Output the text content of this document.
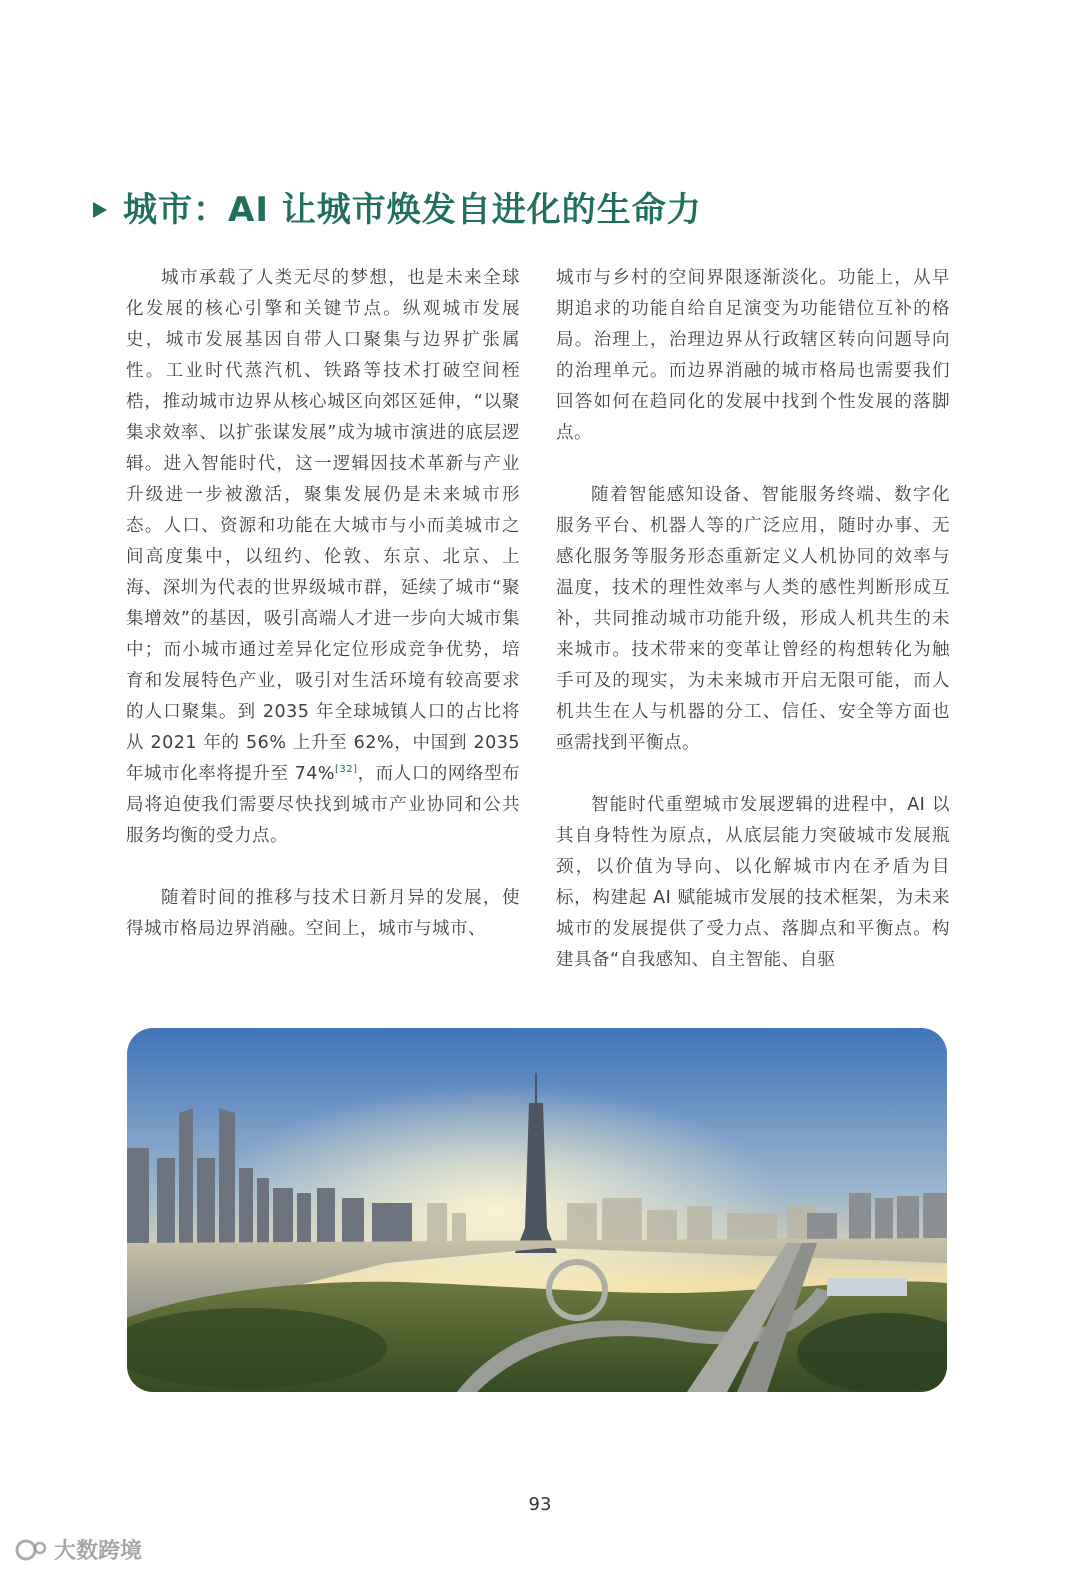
城市：AI 让城市焕发自进化的生命力

城市承载了人类无尽的梦想，也是未来全球化发展的核心引擎和关键节点。纵观城市发展史，城市发展基因自带人口聚集与边界扩张属性。工业时代蒸汽机、铁路等技术打破空间桎梏，推动城市边界从核心城区向郊区延伸，“以聚集求效率、以扩张谋发展”成为城市演进的底层逻辑。进入智能时代，这一逻辑因技术革新与产业升级进一步被激活，聚集发展仍是未来城市形态。人口、资源和功能在大城市与小而美城市之间高度集中，以纽约、伦敦、东京、北京、上海、深圳为代表的世界级城市群，延续了城市“聚集增效”的基因，吸引高端人才进一步向大城市集中；而小城市通过差异化定位形成竞争优势，培育和发展特色产业，吸引对生活环境有较高要求的人口聚集。到 2035 年全球城镇人口的占比将从 2021 年的 56% 上升至 62%，中国到 2035 年城市化率将提升至 74%[32]，而人口的网络型布局将迫使我们需要尽快找到城市产业协同和公共服务均衡的受力点。

随着时间的推移与技术日新月异的发展，使得城市格局边界消融。空间上，城市与城市、

城市与乡村的空间界限逐渐淡化。功能上，从早期追求的功能自给自足演变为功能错位互补的格局。治理上，治理边界从行政辖区转向问题导向的治理单元。而边界消融的城市格局也需要我们回答如何在趋同化的发展中找到个性发展的落脚点。

随着智能感知设备、智能服务终端、数字化服务平台、机器人等的广泛应用，随时办事、无感化服务等服务形态重新定义人机协同的效率与温度，技术的理性效率与人类的感性判断形成互补，共同推动城市功能升级，形成人机共生的未来城市。技术带来的变革让曾经的构想转化为触手可及的现实，为未来城市开启无限可能，而人机共生在人与机器的分工、信任、安全等方面也亟需找到平衡点。

智能时代重塑城市发展逻辑的进程中，AI 以其自身特性为原点，从底层能力突破城市发展瓶颈，以价值为导向、以化解城市内在矛盾为目标，构建起 AI 赋能城市发展的技术框架，为未来城市的发展提供了受力点、落脚点和平衡点。构建具备“自我感知、自主智能、自驱

93
大数跨境
